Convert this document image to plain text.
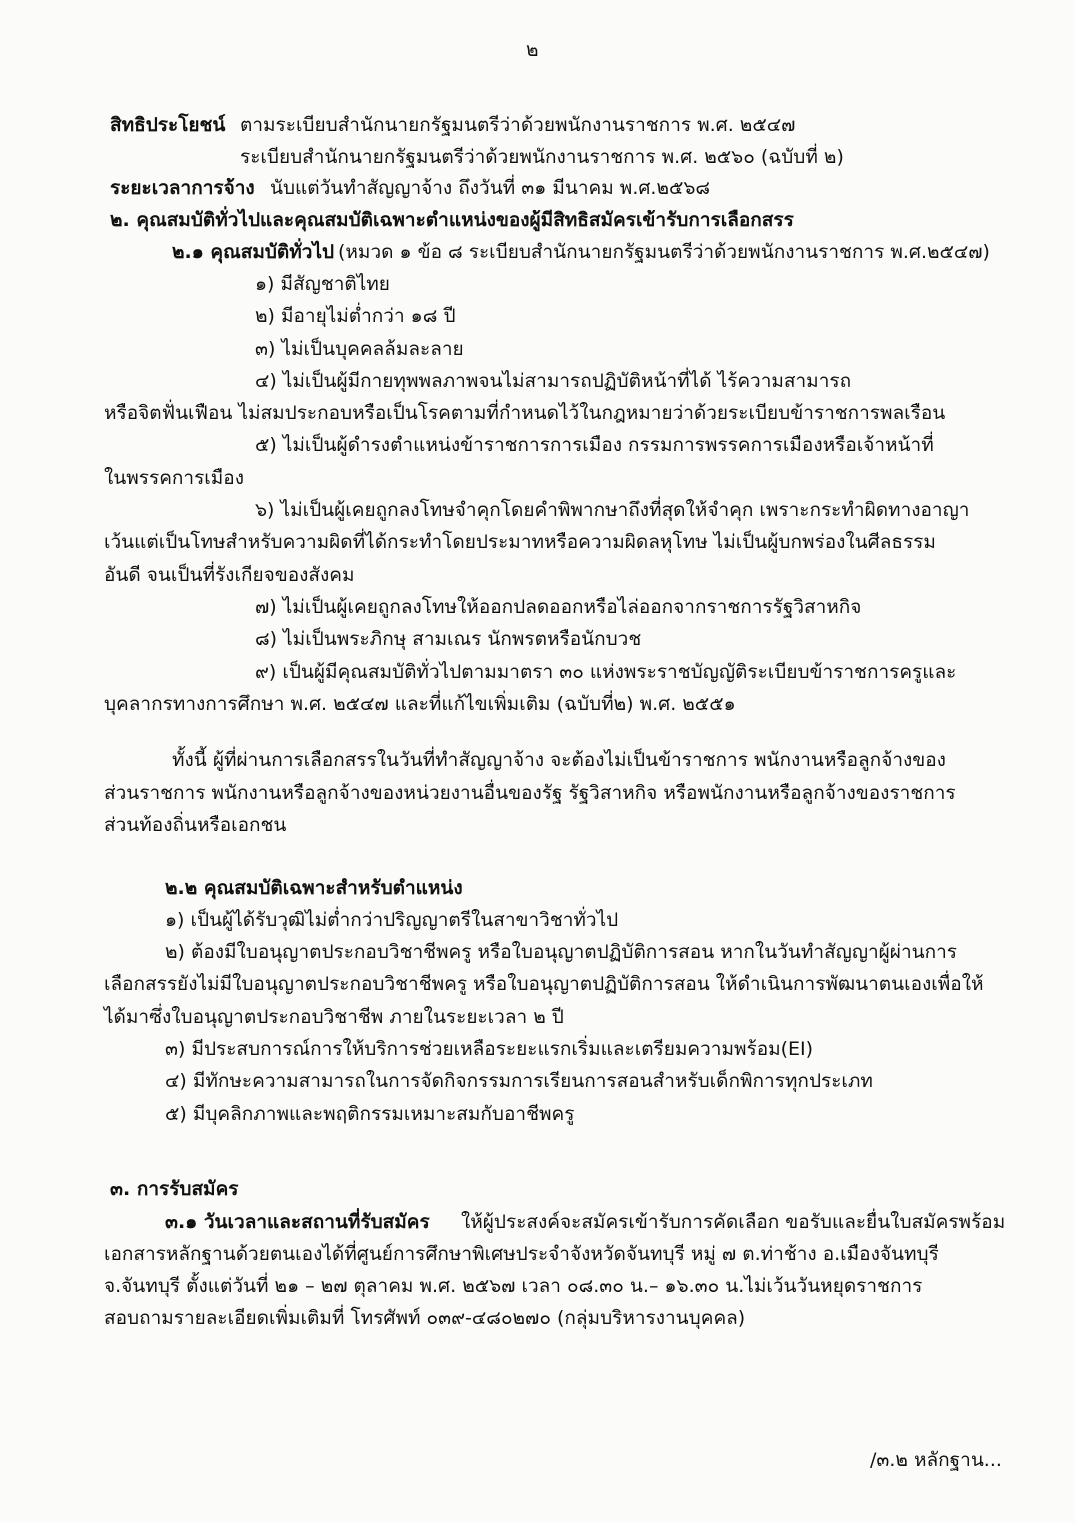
๒
สิทธิประโยชน์ ตามระเบียบสำนักนายกรัฐมนตรีว่าด้วยพนักงานราชการ พ.ศ. ๒๕๔๗
ระเบียบสำนักนายกรัฐมนตรีว่าด้วยพนักงานราชการ พ.ศ. ๒๕๖๐ (ฉบับที่ ๒)
ระยะเวลาการจ้าง นับแต่วันทำสัญญาจ้าง ถึงวันที่ ๓๑ มีนาคม พ.ศ.๒๕๖๘
๒. คุณสมบัติทั่วไปและคุณสมบัติเฉพาะตำแหน่งของผู้มีสิทธิสมัครเข้ารับการเลือกสรร
๒.๑ คุณสมบัติทั่วไป (หมวด ๑ ข้อ ๘ ระเบียบสำนักนายกรัฐมนตรีว่าด้วยพนักงานราชการ พ.ศ.๒๕๔๗)
๑) มีสัญชาติไทย
๒) มีอายุไม่ต่ำกว่า ๑๘ ปี
๓) ไม่เป็นบุคคลล้มละลาย
๔) ไม่เป็นผู้มีกายทุพพลภาพจนไม่สามารถปฏิบัติหน้าที่ได้ ไร้ความสามารถ
หรือจิตฟั่นเฟือน ไม่สมประกอบหรือเป็นโรคตามที่กำหนดไว้ในกฎหมายว่าด้วยระเบียบข้าราชการพลเรือน
๕) ไม่เป็นผู้ดำรงตำแหน่งข้าราชการการเมือง กรรมการพรรคการเมืองหรือเจ้าหน้าที่
ในพรรคการเมือง
๖) ไม่เป็นผู้เคยถูกลงโทษจำคุกโดยคำพิพากษาถึงที่สุดให้จำคุก เพราะกระทำผิดทางอาญา
เว้นแต่เป็นโทษสำหรับความผิดที่ได้กระทำโดยประมาทหรือความผิดลหุโทษ ไม่เป็นผู้บกพร่องในศีลธรรม
อันดี จนเป็นที่รังเกียจของสังคม
๗) ไม่เป็นผู้เคยถูกลงโทษให้ออกปลดออกหรือไล่ออกจากราชการรัฐวิสาหกิจ
๘) ไม่เป็นพระภิกษุ สามเณร นักพรตหรือนักบวช
๙) เป็นผู้มีคุณสมบัติทั่วไปตามมาตรา ๓๐ แห่งพระราชบัญญัติระเบียบข้าราชการครูและ
บุคลากรทางการศึกษา พ.ศ. ๒๕๔๗ และที่แก้ไขเพิ่มเติม (ฉบับที่๒) พ.ศ. ๒๕๕๑
ทั้งนี้ ผู้ที่ผ่านการเลือกสรรในวันที่ทำสัญญาจ้าง จะต้องไม่เป็นข้าราชการ พนักงานหรือลูกจ้างของ
ส่วนราชการ พนักงานหรือลูกจ้างของหน่วยงานอื่นของรัฐ รัฐวิสาหกิจ หรือพนักงานหรือลูกจ้างของราชการ
ส่วนท้องถิ่นหรือเอกชน
๒.๒ คุณสมบัติเฉพาะสำหรับตำแหน่ง
๑) เป็นผู้ได้รับวุฒิไม่ต่ำกว่าปริญญาตรีในสาขาวิชาทั่วไป
๒) ต้องมีใบอนุญาตประกอบวิชาชีพครู หรือใบอนุญาตปฏิบัติการสอน หากในวันทำสัญญาผู้ผ่านการ
เลือกสรรยังไม่มีใบอนุญาตประกอบวิชาชีพครู หรือใบอนุญาตปฏิบัติการสอน ให้ดำเนินการพัฒนาตนเองเพื่อให้
ได้มาซึ่งใบอนุญาตประกอบวิชาชีพ ภายในระยะเวลา ๒ ปี
๓) มีประสบการณ์การให้บริการช่วยเหลือระยะแรกเริ่มและเตรียมความพร้อม(EI)
๔) มีทักษะความสามารถในการจัดกิจกรรมการเรียนการสอนสำหรับเด็กพิการทุกประเภท
๕) มีบุคลิกภาพและพฤติกรรมเหมาะสมกับอาชีพครู
๓. การรับสมัคร
๓.๑ วันเวลาและสถานที่รับสมัคร ให้ผู้ประสงค์จะสมัครเข้ารับการคัดเลือก ขอรับและยื่นใบสมัครพร้อม
เอกสารหลักฐานด้วยตนเองได้ที่ศูนย์การศึกษาพิเศษประจำจังหวัดจันทบุรี หมู่ ๗ ต.ท่าช้าง อ.เมืองจันทบุรี
จ.จันทบุรี ตั้งแต่วันที่ ๒๑ – ๒๗ ตุลาคม พ.ศ. ๒๕๖๗ เวลา ๐๘.๓๐ น.– ๑๖.๓๐ น.ไม่เว้นวันหยุดราชการ
สอบถามรายละเอียดเพิ่มเติมที่ โทรศัพท์ ๐๓๙-๔๘๐๒๗๐ (กลุ่มบริหารงานบุคคล)
/๓.๒ หลักฐาน...
